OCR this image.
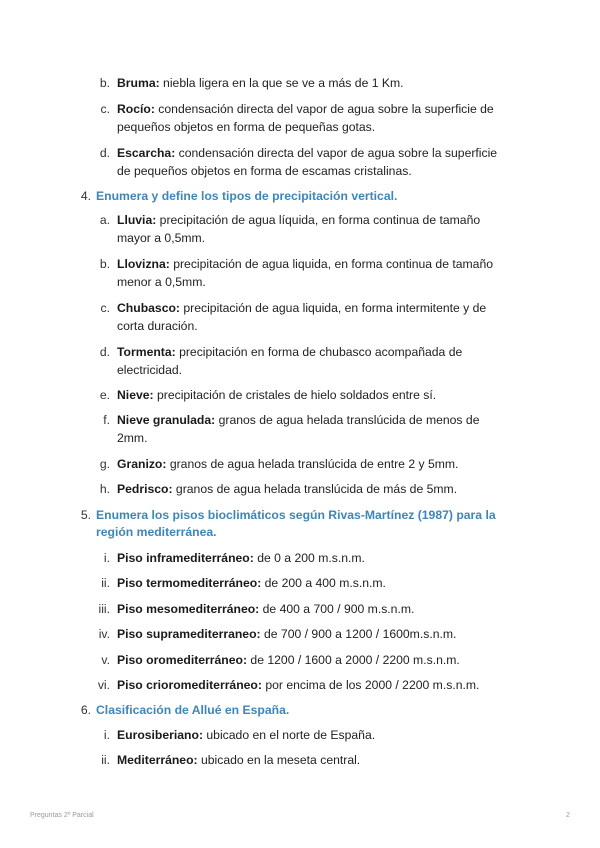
b. Bruma: niebla ligera en la que se ve a más de 1 Km.
c. Rocío: condensación directa del vapor de agua sobre la superficie de
pequeños objetos en forma de pequeñas gotas.
d. Escarcha: condensación directa del vapor de agua sobre la superficie
de pequeños objetos en forma de escamas cristalinas.
4. Enumera y define los tipos de precipitación vertical.
a. Lluvia: precipitación de agua líquida, en forma continua de tamaño
mayor a 0,5mm.
b. Llovizna: precipitación de agua liquida, en forma continua de tamaño
menor a 0,5mm.
c. Chubasco: precipitación de agua liquida, en forma intermitente y de
corta duración.
d. Tormenta: precipitación en forma de chubasco acompañada de
electricidad.
e. Nieve: precipitación de cristales de hielo soldados entre sí.
f. Nieve granulada: granos de agua helada translúcida de menos de
2mm.
g. Granizo: granos de agua helada translúcida de entre 2 y 5mm.
h. Pedrisco: granos de agua helada translúcida de más de 5mm.
5. Enumera los pisos bioclimáticos según Rivas-Martínez (1987) para la
región mediterránea.
i. Piso inframediterráneo: de 0 a 200 m.s.n.m.
ii. Piso termomediterráneo: de 200 a 400 m.s.n.m.
iii. Piso mesomediterráneo: de 400 a 700 / 900 m.s.n.m.
iv. Piso supramediterraneo: de 700 / 900 a 1200 / 1600m.s.n.m.
v. Piso oromediterráneo: de 1200 / 1600 a 2000 / 2200 m.s.n.m.
vi. Piso crioromediterráneo: por encima de los 2000 / 2200 m.s.n.m.
6. Clasificación de Allué en España.
i. Eurosiberiano: ubicado en el norte de España.
ii. Mediterráneo: ubicado en la meseta central.
Preguntas 2º Parcial	2
